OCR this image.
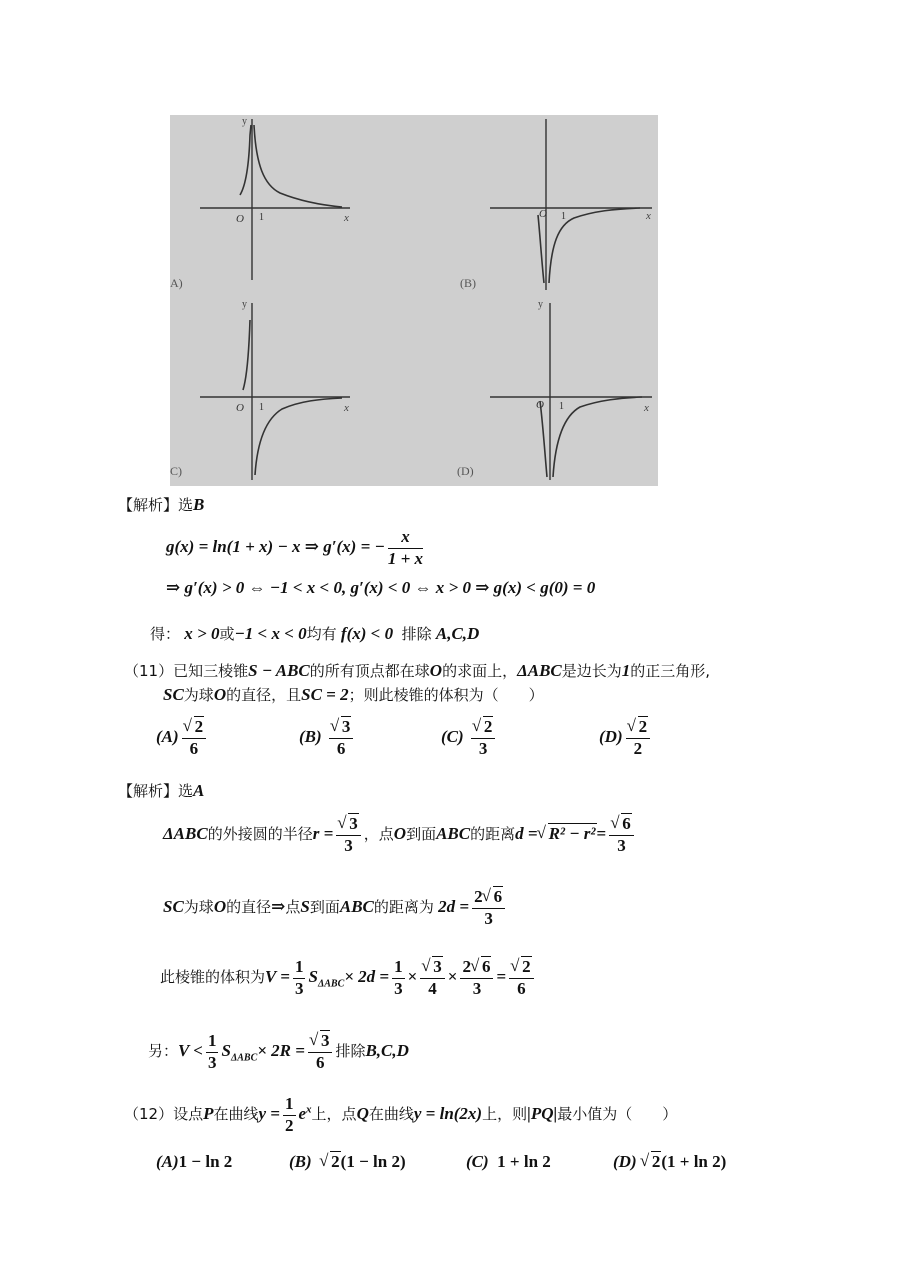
y
x
O 1
A)
x
O 1
(B)
y
x
O 1
C)
y
x
O 1
(D)
【解析】选B
g(x) = ln(1 + x) − x ⇒ g′(x) = − $\frac{x}{1 + x}$
⇒ g′(x) > 0 ⇔ −1 < x < 0, g′(x) < 0 ⇔ x > 0 ⇒ g(x) < g(0) = 0
得： x > 0或−1 < x < 0均有 f(x) < 0 排除 A,C,D
（11）已知三棱锥S − ABC的所有顶点都在球O的求面上，ΔABC是边长为1的正三角形,
SC为球O的直径，且SC = 2；则此棱锥的体积为（　　）
(A) √ $\frac{2}{6}$	(B) √ $\frac{3}{6}$	(C) √ $\frac{2}{3}$	(D) √ $\frac{2}{2}$
【解析】选A
ΔABC的外接圆的半径r = √ $\frac{3}{3}$ ，点O到面ABC的距离d = √ R² − r²= √ $\frac{6}{3}$
SC为球O的直径⇒点S到面ABC的距离为 $2d = \frac{2 √ 6}{3}$
此棱锥的体积为$V = \frac{1}{3} S_{\Delta ABC}\times 2d = \frac{1}{3}$ × √ $\frac{3}{4} \times \frac{2 √ 6}{3}$ = √ $\frac{2}{6}$
另：$V < \frac{1}{3} S_{\Delta ABC}\times 2R$ = √ $\frac{3}{6}$ 排除B,C,D
（12）设点P在曲线$y = \frac{1}{2} e^x$上，点Q在曲线y = ln(2x)上，则|PQ|最小值为（　　）
(A)1 − ln 2	(B) √ 2(1 − ln 2)	(C) 1 + ln 2	(D) √ 2(1 + ln 2)
